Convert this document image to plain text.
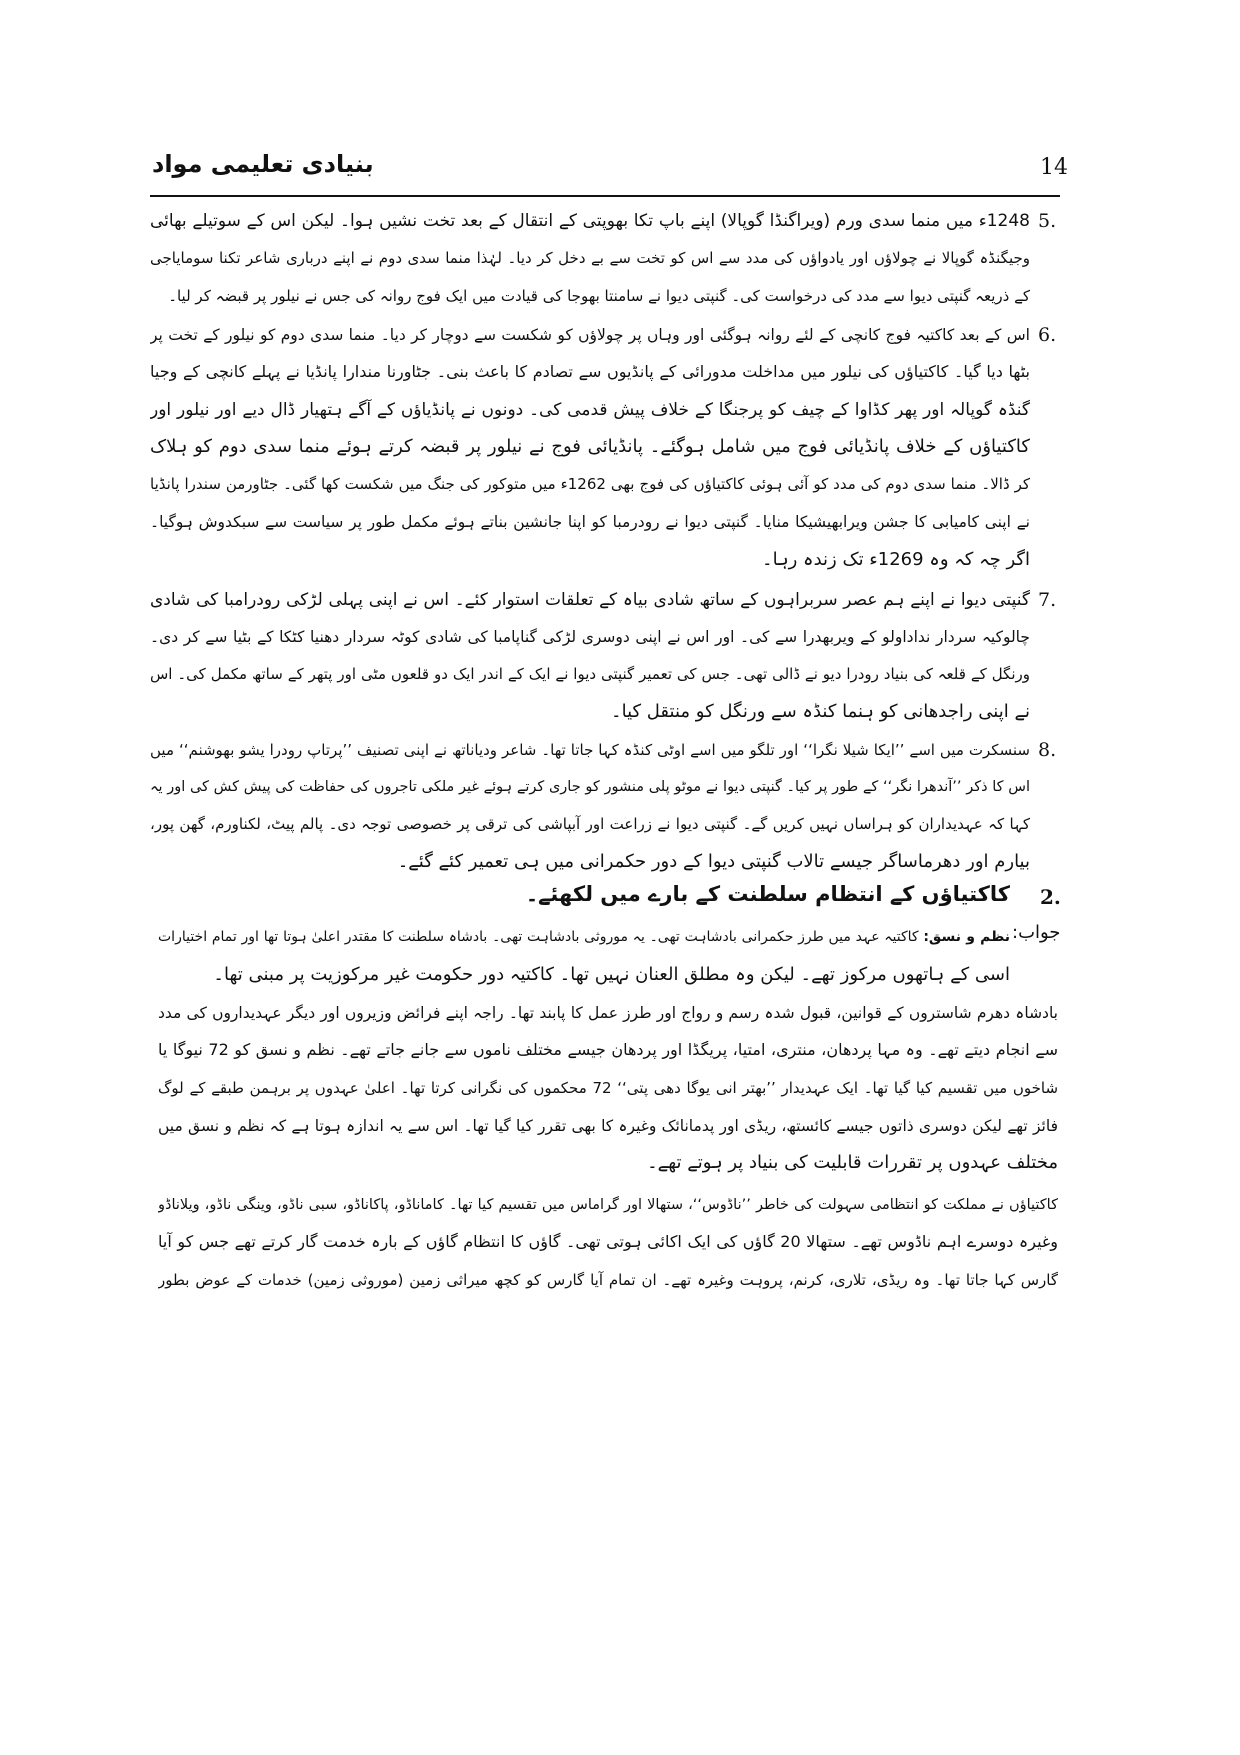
بنیادی تعلیمی مواد	14
5.
1248ء میں منما سدی ورم (ویراگنڈا گوپالا) اپنے باپ تکا بھوپتی کے انتقال کے بعد تخت نشیں ہوا۔ لیکن اس کے سوتیلے بھائی
وجیگنڈہ گوپالا نے چولاؤں اور یادواؤں کی مدد سے اس کو تخت سے بے دخل کر دیا۔ لہٰذا منما سدی دوم نے اپنے درباری شاعر تکنا سومایاجی
کے ذریعہ گنپتی دیوا سے مدد کی درخواست کی۔ گنپتی دیوا نے سامنتا بھوجا کی قیادت میں ایک فوج روانہ کی جس نے نیلور پر قبضہ کر لیا۔
6.
اس کے بعد کاکتیہ فوج کانچی کے لئے روانہ ہوگئی اور وہاں پر چولاؤں کو شکست سے دوچار کر دیا۔ منما سدی دوم کو نیلور کے تخت پر
بٹھا دیا گیا۔ کاکتیاؤں کی نیلور میں مداخلت مدورائی کے پانڈیوں سے تصادم کا باعث بنی۔ جٹاورنا مندارا پانڈیا نے پہلے کانچی کے وجیا
گنڈہ گوپالہ اور پھر کڈاوا کے چیف کو پرجنگا کے خلاف پیش قدمی کی۔ دونوں نے پانڈیاؤں کے آگے ہتھیار ڈال دیے اور نیلور اور
کاکتیاؤں کے خلاف پانڈیائی فوج میں شامل ہوگئے۔ پانڈیائی فوج نے نیلور پر قبضہ کرتے ہوئے منما سدی دوم کو ہلاک
کر ڈالا۔ منما سدی دوم کی مدد کو آئی ہوئی کاکتیاؤں کی فوج بھی 1262ء میں متوکور کی جنگ میں شکست کھا گئی۔ جٹاورمن سندرا پانڈیا
نے اپنی کامیابی کا جشن ویرابھیشیکا منایا۔ گنپتی دیوا نے رودرمبا کو اپنا جانشین بناتے ہوئے مکمل طور پر سیاست سے سبکدوش ہوگیا۔
اگر چہ کہ وہ 1269ء تک زندہ رہا۔
7.
گنپتی دیوا نے اپنے ہم عصر سربراہوں کے ساتھ شادی بیاہ کے تعلقات استوار کئے۔ اس نے اپنی پہلی لڑکی رودرامبا کی شادی
چالوکیہ سردار نداداولو کے ویربھدرا سے کی۔ اور اس نے اپنی دوسری لڑکی گناپامبا کی شادی کوٹہ سردار دھنیا کٹکا کے بٹیا سے کر دی۔
ورنگل کے قلعہ کی بنیاد رودرا دیو نے ڈالی تھی۔ جس کی تعمیر گنپتی دیوا نے ایک کے اندر ایک دو قلعوں مٹی اور پتھر کے ساتھ مکمل کی۔ اس
نے اپنی راجدھانی کو ہنما کنڈہ سے ورنگل کو منتقل کیا۔
8.
سنسکرت میں اسے ’’ایکا شیلا نگرا‘‘ اور تلگو میں اسے اوٹی کنڈہ کہا جاتا تھا۔ شاعر ودیاناتھ نے اپنی تصنیف ’’پرتاپ رودرا یشو بھوشنم‘‘ میں
اس کا ذکر ’’آندھرا نگر‘‘ کے طور پر کیا۔ گنپتی دیوا نے موٹو پلی منشور کو جاری کرتے ہوئے غیر ملکی تاجروں کی حفاظت کی پیش کش کی اور یہ
کہا کہ عہدیداران کو ہراساں نہیں کریں گے۔ گنپتی دیوا نے زراعت اور آبپاشی کی ترقی پر خصوصی توجہ دی۔ پالم پیٹ، لکناورم، گھن پور،
بیارم اور دھرماساگر جیسے تالاب گنپتی دیوا کے دور حکمرانی میں ہی تعمیر کئے گئے۔
2.
کاکتیاؤں کے انتظام سلطنت کے بارے میں لکھئے۔
جواب:
نظم و نسق: کاکتیہ عہد میں طرز حکمرانی بادشاہت تھی۔ یہ موروثی بادشاہت تھی۔ بادشاہ سلطنت کا مقتدر اعلیٰ ہوتا تھا اور تمام اختیارات
اسی کے ہاتھوں مرکوز تھے۔ لیکن وہ مطلق العنان نہیں تھا۔ کاکتیہ دور حکومت غیر مرکوزیت پر مبنی تھا۔
بادشاہ دھرم شاستروں کے قوانین، قبول شدہ رسم و رواج اور طرز عمل کا پابند تھا۔ راجہ اپنے فرائض وزیروں اور دیگر عہدیداروں کی مدد
سے انجام دیتے تھے۔ وہ مہا پردھان، منتری، امتیا، پریگڈا اور پردھان جیسے مختلف ناموں سے جانے جاتے تھے۔ نظم و نسق کو 72 نیوگا یا
شاخوں میں تقسیم کیا گیا تھا۔ ایک عہدیدار ’’بھتر انی یوگا دھی پتی‘‘ 72 محکموں کی نگرانی کرتا تھا۔ اعلیٰ عہدوں پر برہمن طبقے کے لوگ
فائز تھے لیکن دوسری ذاتوں جیسے کائستھ، ریڈی اور پدمانائک وغیرہ کا بھی تقرر کیا گیا تھا۔ اس سے یہ اندازہ ہوتا ہے کہ نظم و نسق میں
مختلف عہدوں پر تقررات قابلیت کی بنیاد پر ہوتے تھے۔
کاکتیاؤں نے مملکت کو انتظامی سہولت کی خاطر ’’ناڈوس‘‘، ستھالا اور گراماس میں تقسیم کیا تھا۔ کاماناڈو، پاکاناڈو، سبی ناڈو، وینگی ناڈو، ویلاناڈو
وغیرہ دوسرے اہم ناڈوس تھے۔ ستھالا 20 گاؤں کی ایک اکائی ہوتی تھی۔ گاؤں کا انتظام گاؤں کے بارہ خدمت گار کرتے تھے جس کو آیا
گارس کہا جاتا تھا۔ وہ ریڈی، تلاری، کرنم، پروہت وغیرہ تھے۔ ان تمام آیا گارس کو کچھ میراثی زمین (موروثی زمین) خدمات کے عوض بطور
